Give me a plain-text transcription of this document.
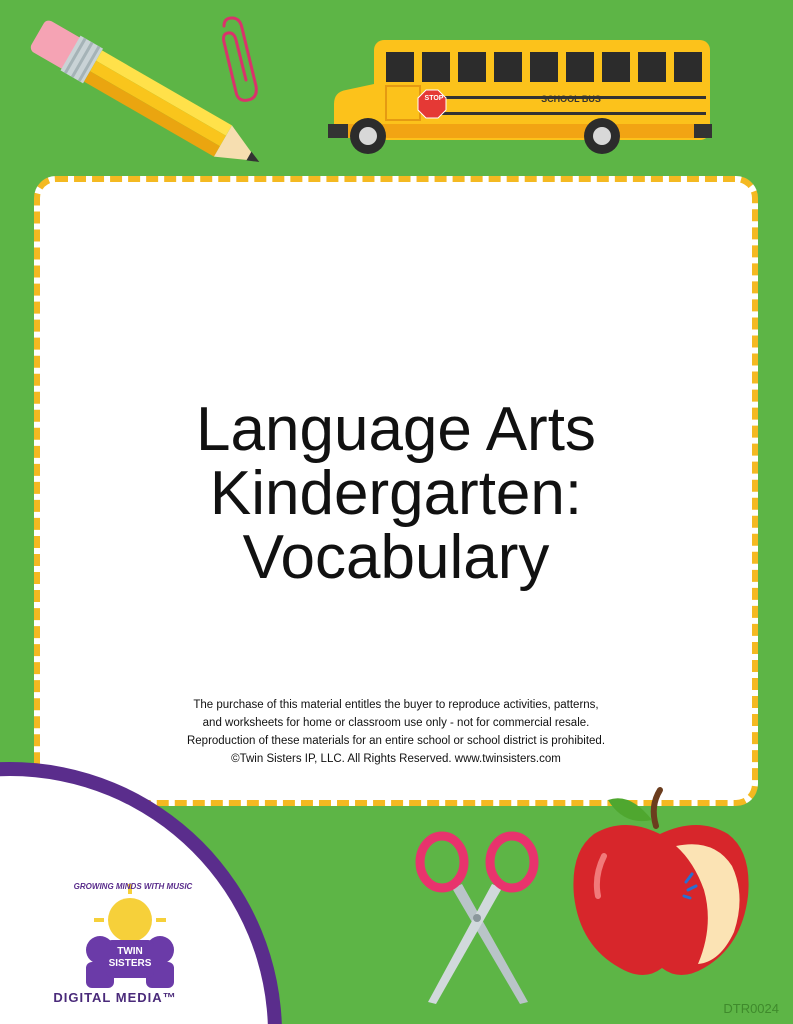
STOP	SCHOOL BUS
Language Arts
Kindergarten:
Vocabulary
The purchase of this material entitles the buyer to reproduce activities, patterns,
and worksheets for home or classroom use only - not for commercial resale.
Reproduction of these materials for an entire school or school district is prohibited.
©Twin Sisters IP, LLC. All Rights Reserved. www.twinsisters.com
GROWING MINDS WITH MUSIC
TWIN
SISTERS
DIGITAL MEDIA™
DTR0024
